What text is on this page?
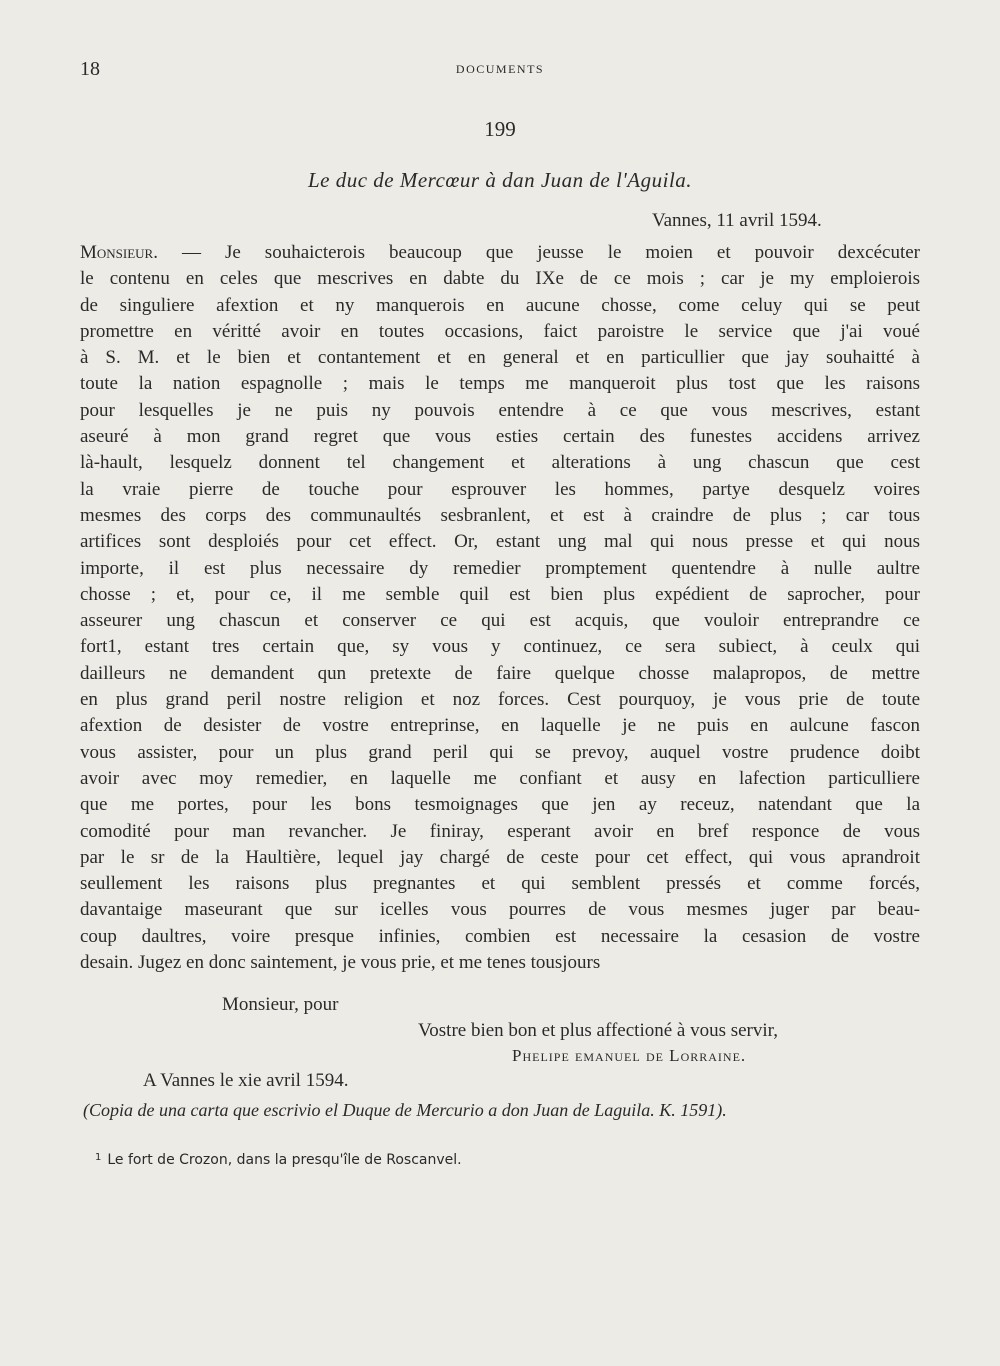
18	DOCUMENTS
199
Le duc de Mercœur à dan Juan de l'Aguila.
Vannes, 11 avril 1594.
Monsieur. — Je souhaicterois beaucoup que jeusse le moien et pouvoir dexcécuter
le contenu en celes que mescrives en dabte du IXe de ce mois ; car je my emploierois
de singuliere afextion et ny manquerois en aucune chosse, come celuy qui se peut
promettre en véritté avoir en toutes occasions, faict paroistre le service que j'ai voué
à S. M. et le bien et contantement et en general et en particullier que jay souhaitté à
toute la nation espagnolle ; mais le temps me manqueroit plus tost que les raisons
pour lesquelles je ne puis ny pouvois entendre à ce que vous mescrives, estant
aseuré à mon grand regret que vous esties certain des funestes accidens arrivez
là-hault, lesquelz donnent tel changement et alterations à ung chascun que cest
la vraie pierre de touche pour esprouver les hommes, partye desquelz voires
mesmes des corps des communaultés sesbranlent, et est à craindre de plus ; car tous
artifices sont desploiés pour cet effect. Or, estant ung mal qui nous presse et qui nous
importe, il est plus necessaire dy remedier promptement quentendre à nulle aultre
chosse ; et, pour ce, il me semble quil est bien plus expédient de saprocher, pour
asseurer ung chascun et conserver ce qui est acquis, que vouloir entreprandre ce
fort1, estant tres certain que, sy vous y continuez, ce sera subiect, à ceulx qui
dailleurs ne demandent qun pretexte de faire quelque chosse malapropos, de mettre
en plus grand peril nostre religion et noz forces. Cest pourquoy, je vous prie de toute
afextion de desister de vostre entreprinse, en laquelle je ne puis en aulcune fascon
vous assister, pour un plus grand peril qui se prevoy, auquel vostre prudence doibt
avoir avec moy remedier, en laquelle me confiant et ausy en lafection particulliere
que me portes, pour les bons tesmoignages que jen ay receuz, natendant que la
comodité pour man revancher. Je finiray, esperant avoir en bref responce de vous
par le sr de la Haultière, lequel jay chargé de ceste pour cet effect, qui vous aprandroit
seullement les raisons plus pregnantes et qui semblent pressés et comme forcés,
davantaige maseurant que sur icelles vous pourres de vous mesmes juger par beau-
coup daultres, voire presque infinies, combien est necessaire la cesasion de vostre
desain. Jugez en donc saintement, je vous prie, et me tenes tousjours
Monsieur, pour
Vostre bien bon et plus affectioné à vous servir,
Phelipe emanuel de Lorraine.
A Vannes le xie avril 1594.
(Copia de una carta que escrivio el Duque de Mercurio a don Juan de Laguila. K. 1591).
$^1$ Le fort de Crozon, dans la presqu'île de Roscanvel.
